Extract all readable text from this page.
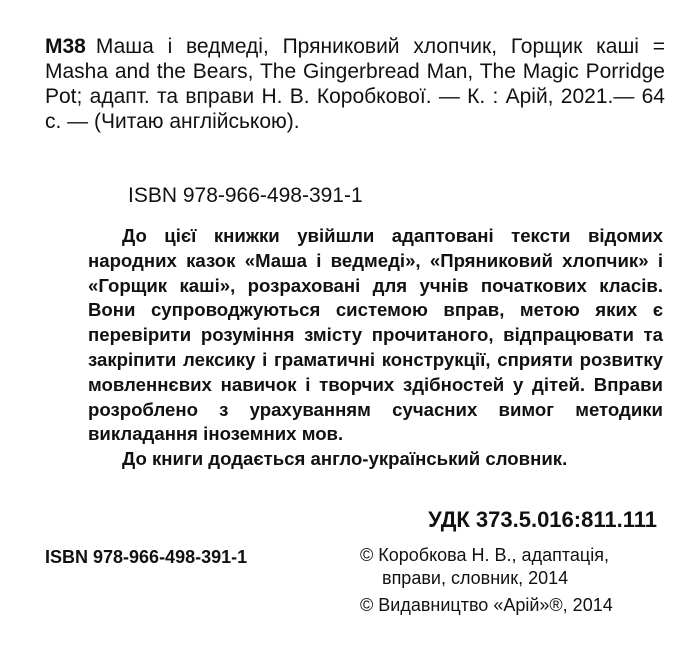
М38 Маша і ведмеді, Пряниковий хлопчик, Горщик каші = Masha and the Bears, The Gingerbread Man, The Magic Porridge Pot; адапт. та вправи Н. В. Коробкової. — К. : Арій, 2021.— 64 с. — (Читаю англійською).
ISBN 978-966-498-391-1

До цієї книжки увійшли адаптовані тексти відомих народних казок «Маша і ведмеді», «Пряниковий хлопчик» і «Горщик каші», розраховані для учнів початкових класів. Вони супроводжуються системою вправ, метою яких є перевірити розуміння змісту прочитаного, відпрацювати та закріпити лексику і граматичні конструкції, сприяти розвитку мовленнєвих навичок і творчих здібностей у дітей. Вправи розроблено з урахуванням сучасних вимог методики викладання іноземних мов.

До книги додається англо-український словник.

УДК 373.5.016:811.111
ISBN 978-966-498-391-1	© Коробкова Н. В., адаптація,
вправи, словник, 2014
© Видавництво «Арій»®, 2014
